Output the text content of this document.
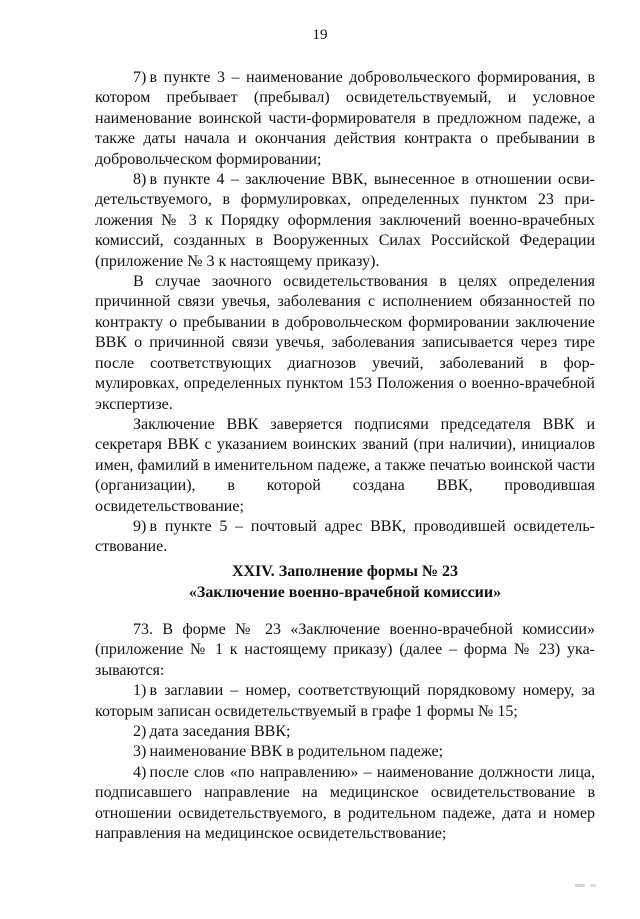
19

7) в пункте 3 – наименование добровольческого формирования, в котором пребывает (пребывал) освидетельствуемый, и условное наименование воинской части-формирователя в предложном падеже, а также даты начала и окончания действия контракта о пребывании в добровольческом формировании;

8) в пункте 4 – заключение ВВК, вынесенное в отношении освидетельствуемого, в формулировках, определенных пунктом 23 приложения № 3 к Порядку оформления заключений военно-врачебных комиссий, созданных в Вооруженных Силах Российской Федерации (приложение № 3 к настоящему приказу).

В случае заочного освидетельствования в целях определения причинной связи увечья, заболевания с исполнением обязанностей по контракту о пребывании в добровольческом формировании заключение ВВК о причинной связи увечья, заболевания записывается через тире после соответствующих диагнозов увечий, заболеваний в формулировках, определенных пунктом 153 Положения о военно-врачебной экспертизе.

Заключение ВВК заверяется подписями председателя ВВК и секретаря ВВК с указанием воинских званий (при наличии), инициалов имен, фамилий в именительном падеже, а также печатью воинской части (организации), в которой создана ВВК, проводившая освидетельствование;

9) в пункте 5 – почтовый адрес ВВК, проводившей освидетельствование.

XXIV. Заполнение формы № 23
«Заключение военно-врачебной комиссии»

73. В форме № 23 «Заключение военно-врачебной комиссии» (приложение № 1 к настоящему приказу) (далее – форма № 23) указываются:

1) в заглавии – номер, соответствующий порядковому номеру, за которым записан освидетельствуемый в графе 1 формы № 15;

2) дата заседания ВВК;

3) наименование ВВК в родительном падеже;

4) после слов «по направлению» – наименование должности лица, подписавшего направление на медицинское освидетельствование в отношении освидетельствуемого, в родительном падеже, дата и номер направления на медицинское освидетельствование;
